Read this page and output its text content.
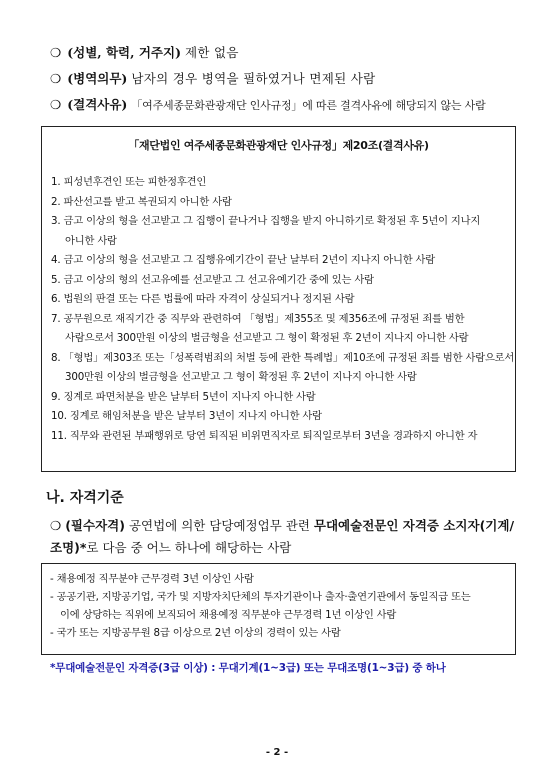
❍ (성별, 학력, 거주지) 제한 없음
❍ (병역의무) 남자의 경우 병역을 필하였거나 면제된 사람
❍ (결격사유) 「여주세종문화관광재단 인사규정」에 따른 결격사유에 해당되지 않는 사람
「재단법인 여주세종문화관광재단 인사규정」제20조(결격사유)
1. 피성년후견인 또는 피한정후견인
2. 파산선고를 받고 복권되지 아니한 사람
3. 금고 이상의 형을 선고받고 그 집행이 끝나거나 집행을 받지 아니하기로 확정된 후 5년이 지나지
아니한 사람
4. 금고 이상의 형을 선고받고 그 집행유예기간이 끝난 날부터 2년이 지나지 아니한 사람
5. 금고 이상의 형의 선고유예를 선고받고 그 선고유예기간 중에 있는 사람
6. 법원의 판결 또는 다른 법률에 따라 자격이 상실되거나 정지된 사람
7. 공무원으로 재직기간 중 직무와 관련하여 「형법」제355조 및 제356조에 규정된 죄를 범한
사람으로서 300만원 이상의 벌금형을 선고받고 그 형이 확정된 후 2년이 지나지 아니한 사람
8. 「형법」제303조 또는「성폭력범죄의 처벌 등에 관한 특례법」제10조에 규정된 죄를 범한 사람으로서
300만원 이상의 벌금형을 선고받고 그 형이 확정된 후 2년이 지나지 아니한 사람
9. 징계로 파면처분을 받은 날부터 5년이 지나지 아니한 사람
10. 징계로 해임처분을 받은 날부터 3년이 지나지 아니한 사람
11. 직무와 관련된 부패행위로 당연 퇴직된 비위면직자로 퇴직일로부터 3년을 경과하지 아니한 자
나. 자격기준
❍ (필수자격) 공연법에 의한 담당예정업무 관련 무대예술전문인 자격증 소지자(기계/조명)*로 다음 중 어느 하나에 해당하는 사람
- 채용예정 직무분야 근무경력 3년 이상인 사람
- 공공기관, 지방공기업, 국가 및 지방자치단체의 투자기관이나 출자·출연기관에서 동일직급 또는
이에 상당하는 직위에 보직되어 채용예정 직무분야 근무경력 1년 이상인 사람
- 국가 또는 지방공무원 8급 이상으로 2년 이상의 경력이 있는 사람
*무대예술전문인 자격증(3급 이상) : 무대기계(1~3급) 또는 무대조명(1~3급) 중 하나
- 2 -
